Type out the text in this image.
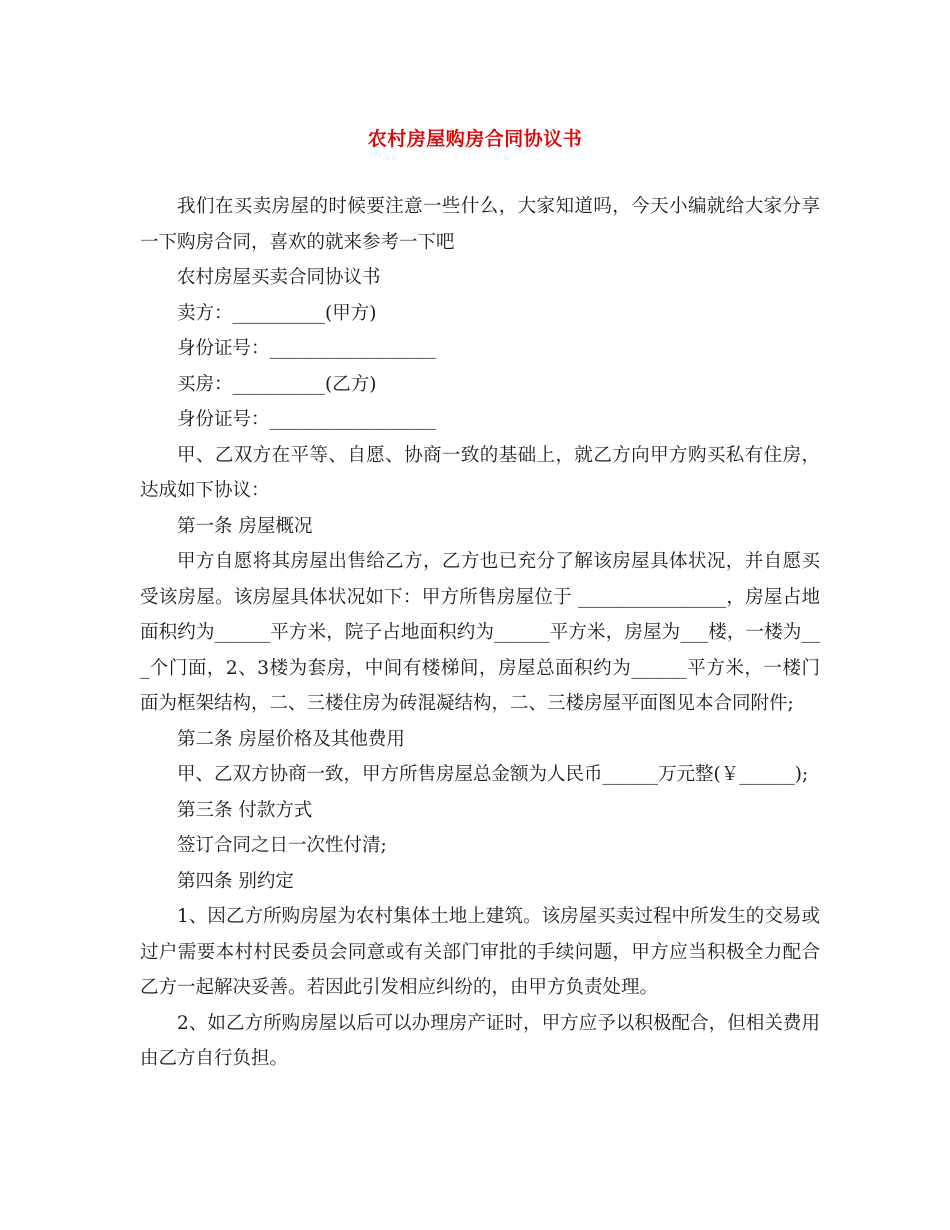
农村房屋购房合同协议书

我们在买卖房屋的时候要注意一些什么，大家知道吗，今天小编就给大家分享一下购房合同，喜欢的就来参考一下吧

农村房屋买卖合同协议书

卖方：__________(甲方)

身份证号：__________________

买房：__________(乙方)

身份证号：__________________

甲、乙双方在平等、自愿、协商一致的基础上，就乙方向甲方购买私有住房，达成如下协议：

第一条 房屋概况

甲方自愿将其房屋出售给乙方，乙方也已充分了解该房屋具体状况，并自愿买受该房屋。该房屋具体状况如下：甲方所售房屋位于 ________________，房屋占地面积约为______平方米，院子占地面积约为______平方米，房屋为___楼，一楼为___个门面，2、3楼为套房，中间有楼梯间，房屋总面积约为______平方米，一楼门面为框架结构，二、三楼住房为砖混凝结构，二、三楼房屋平面图见本合同附件;

第二条 房屋价格及其他费用

甲、乙双方协商一致，甲方所售房屋总金额为人民币______万元整(￥______);

第三条 付款方式

签订合同之日一次性付清;

第四条 别约定

1、因乙方所购房屋为农村集体土地上建筑。该房屋买卖过程中所发生的交易或过户需要本村村民委员会同意或有关部门审批的手续问题，甲方应当积极全力配合乙方一起解决妥善。若因此引发相应纠纷的，由甲方负责处理。

2、如乙方所购房屋以后可以办理房产证时，甲方应予以积极配合，但相关费用由乙方自行负担。
